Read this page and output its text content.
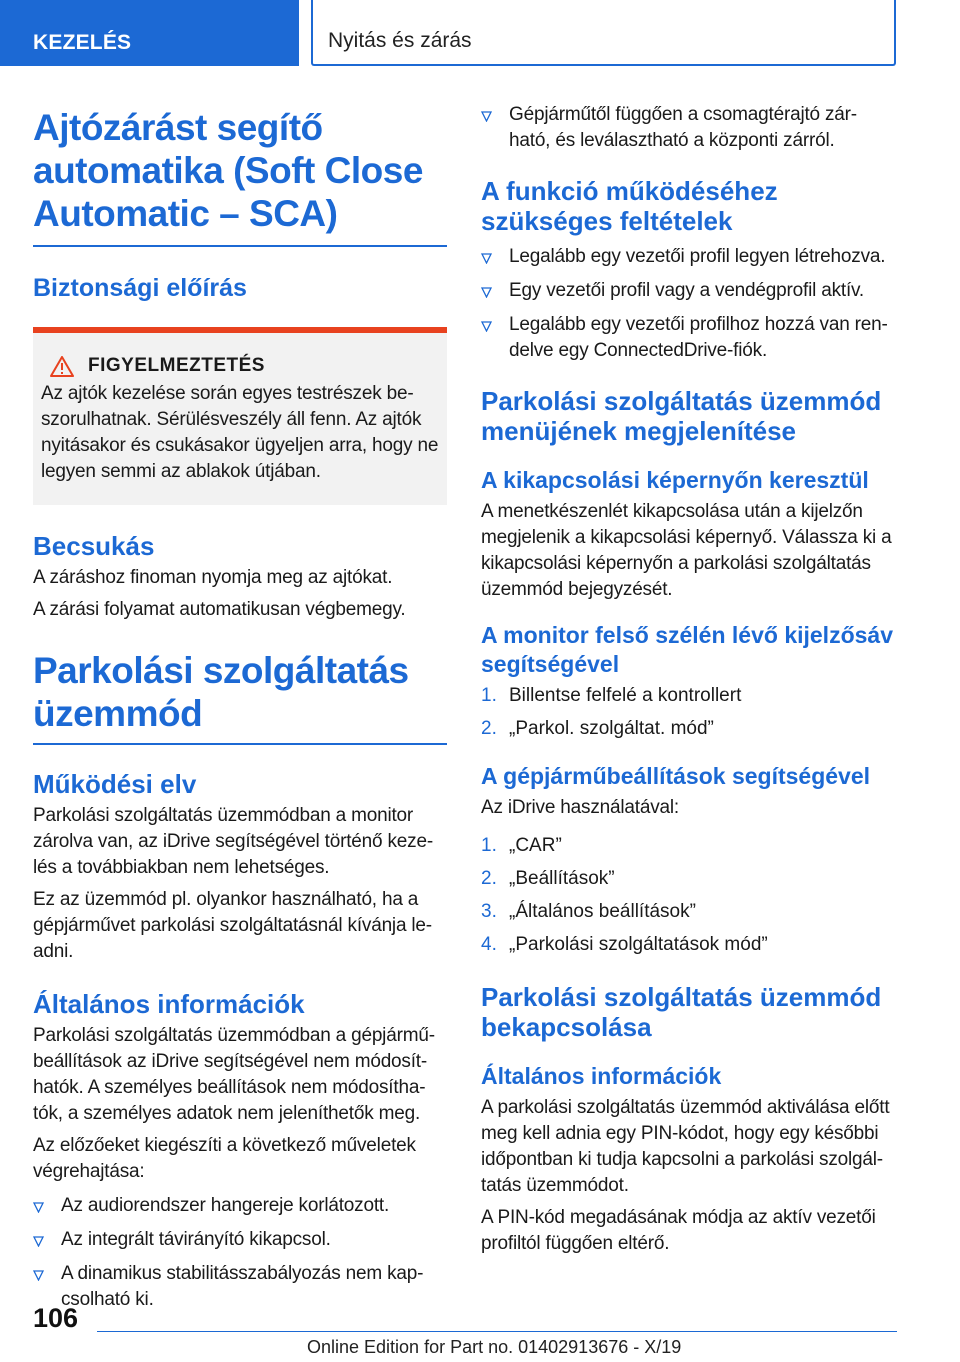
KEZELÉS	Nyitás és zárás
Ajtózárást segítő automatika (Soft Close Automatic – SCA)
Biztonsági előírás
FIGYELMEZTETÉS

Az ajtók kezelése során egyes testrészek be- szorulhatnak. Sérülésveszély áll fenn. Az ajtók nyitásakor és csukásakor ügyeljen arra, hogy ne legyen semmi az ablakok útjában.

Becsukás

A záráshoz finoman nyomja meg az ajtókat.

A zárási folyamat automatikusan végbemegy.

Parkolási szolgáltatás üzemmód
Működési elv

Parkolási szolgáltatás üzemmódban a monitor zárolva van, az iDrive segítségével történő keze- lés a továbbiakban nem lehetséges.

Ez az üzemmód pl. olyankor használható, ha a gépjárművet parkolási szolgáltatásnál kívánja le- adni.

Általános információk

Parkolási szolgáltatás üzemmódban a gépjármű- beállítások az iDrive segítségével nem módosít- hatók. A személyes beállítások nem módosítha- tók, a személyes adatok nem jeleníthetők meg.

Az előzőeket kiegészíti a következő műveletek végrehajtása:

Az audiorendszer hangereje korlátozott.
Az integrált távirányító kikapcsol.
A dinamikus stabilitásszabályozás nem kap- csolható ki.
Gépjárműtől függően a csomagtérajtó zár- ható, és leválasztható a központi zárról.
A funkció működéséhez szükséges feltételek
Legalább egy vezetői profil legyen létrehozva.
Egy vezetői profil vagy a vendégprofil aktív.
Legalább egy vezetői profilhoz hozzá van ren- delve egy ConnectedDrive-fiók.
Parkolási szolgáltatás üzemmód menüjének megjelenítése
A kikapcsolási képernyőn keresztül

A menetkészenlét kikapcsolása után a kijelzőn megjelenik a kikapcsolási képernyő. Válassza ki a kikapcsolási képernyőn a parkolási szolgáltatás üzemmód bejegyzését.

A monitor felső szélén lévő kijelzősáv segítségével
1. Billentse felfelé a kontrollert
2. „Parkol. szolgáltat. mód”
A gépjárműbeállítások segítségével

Az iDrive használatával:

1. „CAR”
2. „Beállítások”
3. „Általános beállítások”
4. „Parkolási szolgáltatások mód”
Parkolási szolgáltatás üzemmód bekapcsolása
Általános információk

A parkolási szolgáltatás üzemmód aktiválása előtt meg kell adnia egy PIN-kódot, hogy egy későbbi időpontban ki tudja kapcsolni a parkolási szolgál- tatás üzemmódot.

A PIN-kód megadásának módja az aktív vezetői profiltól függően eltérő.

106
Online Edition for Part no. 01402913676 - X/19
